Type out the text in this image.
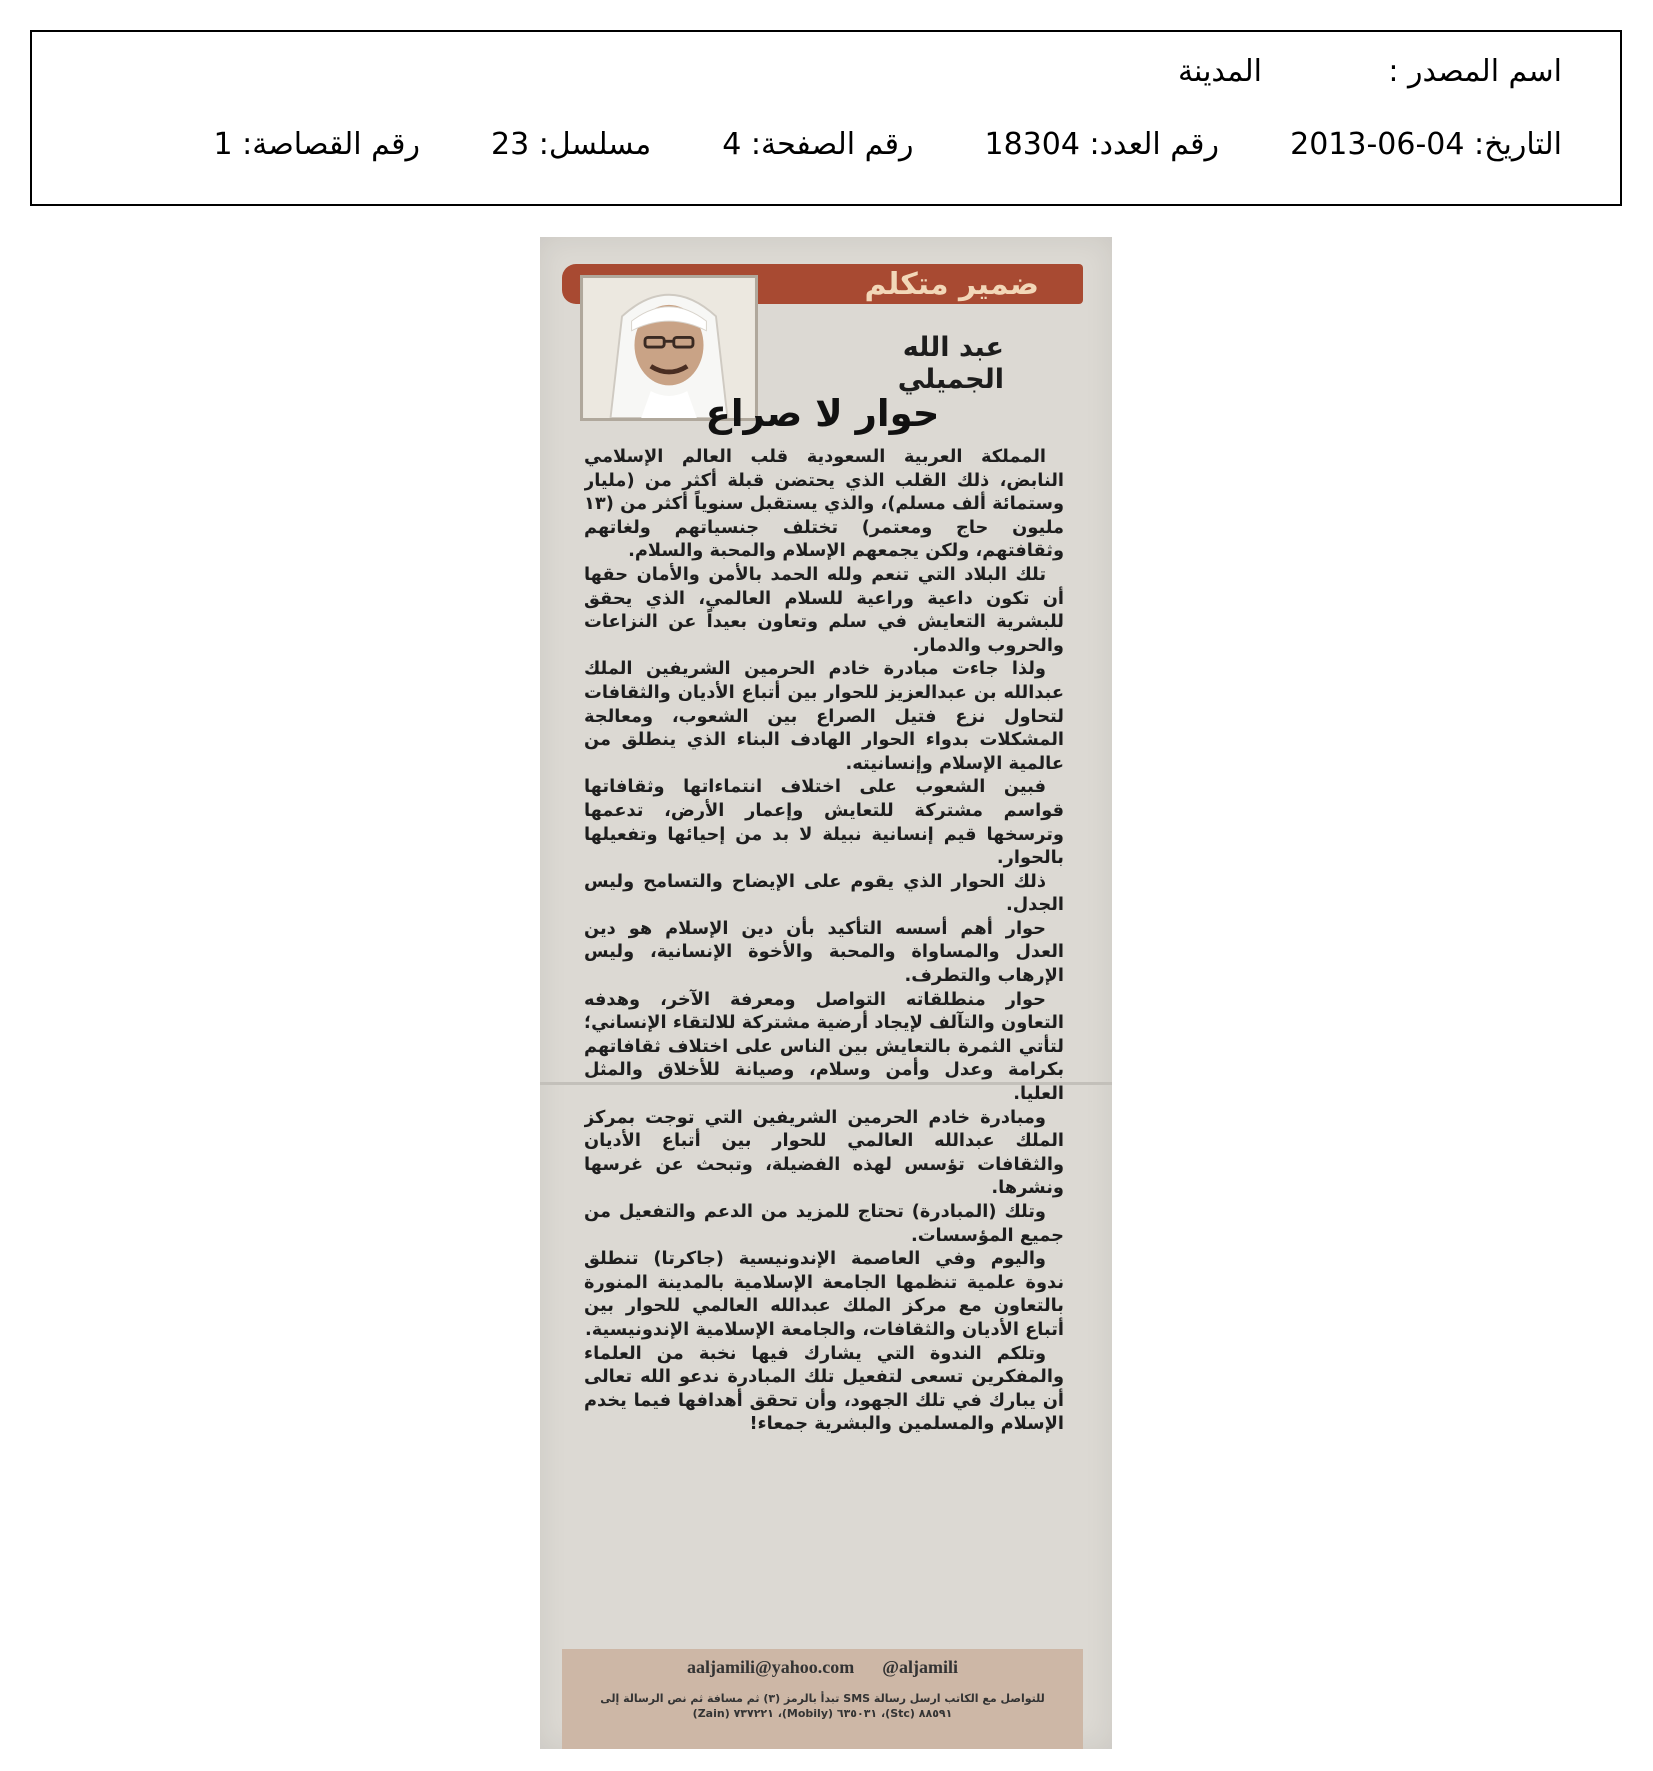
اسم المصدر :المدينة
التاريخ: 2013-06-04  رقم العدد: 18304  رقم الصفحة: 4  مسلسل: 23  رقم القصاصة: 1
ضمير متكلم
عبد الله
الجميلي
حوار لا صراع

المملكة العربية السعودية قلب العالم الإسلامي النابض، ذلك القلب الذي يحتضن قبلة أكثر من (مليار وستمائة ألف مسلم)، والذي يستقبل سنوياً أكثر من (١٣ مليون حاج ومعتمر) تختلف جنسياتهم ولغاتهم وثقافتهم، ولكن يجمعهم الإسلام والمحبة والسلام.

تلك البلاد التي تنعم ولله الحمد بالأمن والأمان حقها أن تكون داعية وراعية للسلام العالمي، الذي يحقق للبشرية التعايش في سلم وتعاون بعيداً عن النزاعات والحروب والدمار.

ولذا جاءت مبادرة خادم الحرمين الشريفين الملك عبدالله بن عبدالعزيز للحوار بين أتباع الأديان والثقافات لتحاول نزع فتيل الصراع بين الشعوب، ومعالجة المشكلات بدواء الحوار الهادف البناء الذي ينطلق من عالمية الإسلام وإنسانيته.

فبين الشعوب على اختلاف انتماءاتها وثقافاتها قواسم مشتركة للتعايش وإعمار الأرض، تدعمها وترسخها قيم إنسانية نبيلة لا بد من إحيائها وتفعيلها بالحوار.

ذلك الحوار الذي يقوم على الإيضاح والتسامح وليس الجدل.

حوار أهم أسسه التأكيد بأن دين الإسلام هو دين العدل والمساواة والمحبة والأخوة الإنسانية، وليس الإرهاب والتطرف.

حوار منطلقاته التواصل ومعرفة الآخر، وهدفه التعاون والتآلف لإيجاد أرضية مشتركة للالتقاء الإنساني؛ لتأتي الثمرة بالتعايش بين الناس على اختلاف ثقافاتهم بكرامة وعدل وأمن وسلام، وصيانة للأخلاق والمثل العليا.

ومبادرة خادم الحرمين الشريفين التي توجت بمركز الملك عبدالله العالمي للحوار بين أتباع الأديان والثقافات تؤسس لهذه الفضيلة، وتبحث عن غرسها ونشرها.

وتلك (المبادرة) تحتاج للمزيد من الدعم والتفعيل من جميع المؤسسات.

واليوم وفي العاصمة الإندونيسية (جاكرتا) تنطلق ندوة علمية تنظمها الجامعة الإسلامية بالمدينة المنورة بالتعاون مع مركز الملك عبدالله العالمي للحوار بين أتباع الأديان والثقافات، والجامعة الإسلامية الإندونيسية.

وتلكم الندوة التي يشارك فيها نخبة من العلماء والمفكرين تسعى لتفعيل تلك المبادرة ندعو الله تعالى أن يبارك في تلك الجهود، وأن تحقق أهدافها فيما يخدم الإسلام والمسلمين والبشرية جمعاء!

aaljamili@yahoo.com @aljamili
للتواصل مع الكاتب ارسل رسالة SMS تبدأ بالرمز (٣) ثم مسافة ثم نص الرسالة إلى ٨٨٥٩١ (Stc)، ٦٣٥٠٣١ (Mobily)، ٧٣٧٢٢١ (Zain)
